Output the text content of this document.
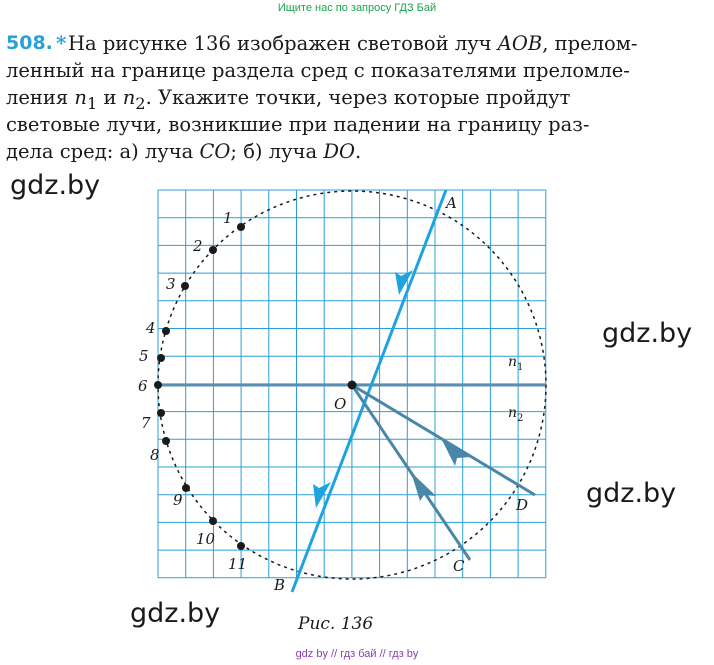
Ищите нас по запросу ГДЗ Бай
508. * На рисунке 136 изображен световой луч AOB, прелом-
ленный на границе раздела сред с показателями преломле-
ления $n_1$ и $n_2$. Укажите точки, через которые пройдут
световые лучи, возникшие при падении на границу раз-
дела сред: а) луча CO; б) луча DO.
gdz.by
gdz.by
gdz.by
gdz.by
1
2
3
4
5
6
7
8
9
10
11
A
B
O
C
D
$n_1$
$n_2$
Рис. 136
gdz by // гдз бай // гдз by
